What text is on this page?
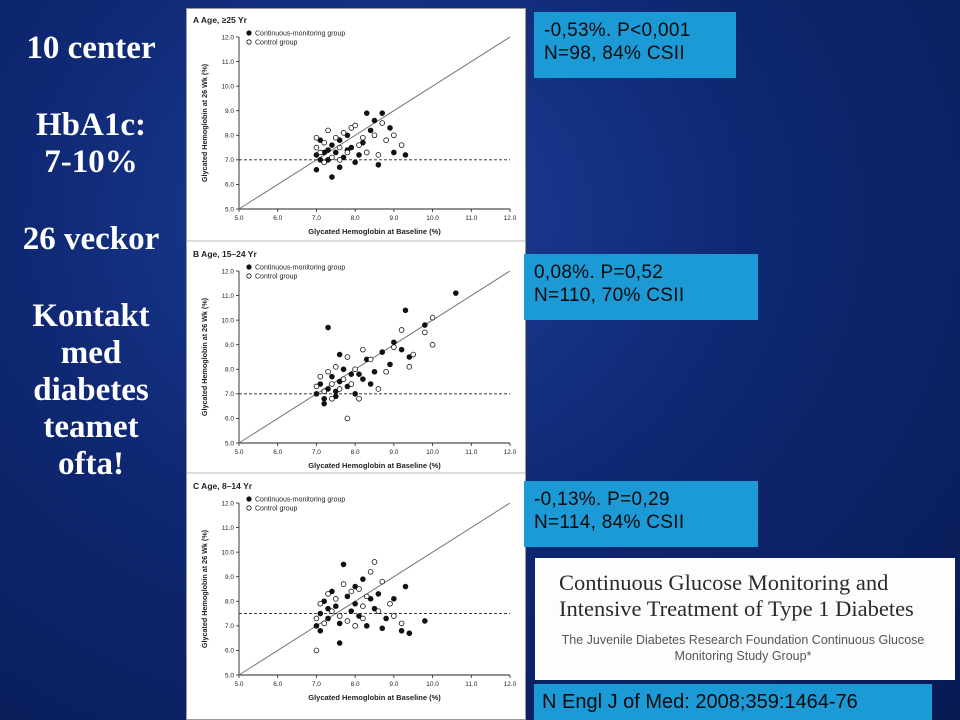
10 center
HbA1c:
7-10%
26 veckor
Kontakt
med
diabetes
teamet
ofta!
A Age, ≥25 Yr
5.0
5.0
6.0
6.0
7.0
7.0
8.0
8.0
9.0
9.0
10.0
10.0
11.0
11.0
12.0
12.0
Glycated Hemoglobin at Baseline (%)
Glycated Hemoglobin at 26 Wk (%)
Continuous-monitoring group
Control group
B Age, 15–24 Yr
5.0
5.0
6.0
6.0
7.0
7.0
8.0
8.0
9.0
9.0
10.0
10.0
11.0
11.0
12.0
12.0
Glycated Hemoglobin at Baseline (%)
Glycated Hemoglobin at 26 Wk (%)
Continuous-monitoring group
Control group
C Age, 8–14 Yr
5.0
5.0
6.0
6.0
7.0
7.0
8.0
8.0
9.0
9.0
10.0
10.0
11.0
11.0
12.0
12.0
Glycated Hemoglobin at Baseline (%)
Glycated Hemoglobin at 26 Wk (%)
Continuous-monitoring group
Control group
-0,53%. P<0,001
N=98, 84% CSII
0,08%. P=0,52
N=110, 70% CSII
-0,13%. P=0,29
N=114, 84% CSII
Continuous Glucose Monitoring and
Intensive Treatment of Type 1 Diabetes
The Juvenile Diabetes Research Foundation Continuous Glucose
Monitoring Study Group*
N Engl J of Med: 2008;359:1464-76
